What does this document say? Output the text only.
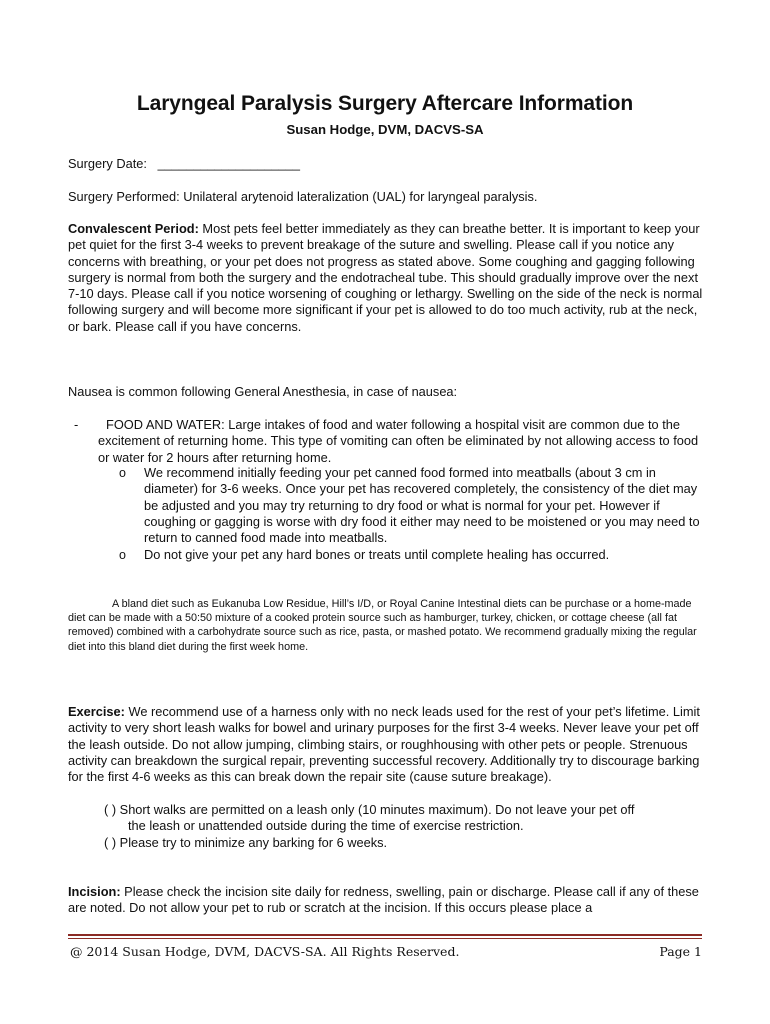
Laryngeal Paralysis Surgery Aftercare Information
Susan Hodge, DVM, DACVS-SA
Surgery Date: ____________________
Surgery Performed: Unilateral arytenoid lateralization (UAL) for laryngeal paralysis.
Convalescent Period: Most pets feel better immediately as they can breathe better. It is important to keep your pet quiet for the first 3-4 weeks to prevent breakage of the suture and swelling. Please call if you notice any concerns with breathing, or your pet does not progress as stated above. Some coughing and gagging following surgery is normal from both the surgery and the endotracheal tube. This should gradually improve over the next 7-10 days. Please call if you notice worsening of coughing or lethargy. Swelling on the side of the neck is normal following surgery and will become more significant if your pet is allowed to do too much activity, rub at the neck, or bark. Please call if you have concerns.
Nausea is common following General Anesthesia, in case of nausea:
-	FOOD AND WATER: Large intakes of food and water following a hospital visit are common due to the excitement of returning home. This type of vomiting can often be eliminated by not allowing access to food or water for 2 hours after returning home.
o We recommend initially feeding your pet canned food formed into meatballs (about 3 cm in diameter) for 3-6 weeks. Once your pet has recovered completely, the consistency of the diet may be adjusted and you may try returning to dry food or what is normal for your pet. However if coughing or gagging is worse with dry food it either may need to be moistened or you may need to return to canned food made into meatballs.
o Do not give your pet any hard bones or treats until complete healing has occurred.
A bland diet such as Eukanuba Low Residue, Hill’s I/D, or Royal Canine Intestinal diets can be purchase or a home-made diet can be made with a 50:50 mixture of a cooked protein source such as hamburger, turkey, chicken, or cottage cheese (all fat removed) combined with a carbohydrate source such as rice, pasta, or mashed potato. We recommend gradually mixing the regular diet into this bland diet during the first week home.
Exercise: We recommend use of a harness only with no neck leads used for the rest of your pet’s lifetime. Limit activity to very short leash walks for bowel and urinary purposes for the first 3-4 weeks. Never leave your pet off the leash outside. Do not allow jumping, climbing stairs, or roughhousing with other pets or people. Strenuous activity can breakdown the surgical repair, preventing successful recovery. Additionally try to discourage barking for the first 4-6 weeks as this can break down the repair site (cause suture breakage).
( ) Short walks are permitted on a leash only (10 minutes maximum). Do not leave your pet off
the leash or unattended outside during the time of exercise restriction.
( ) Please try to minimize any barking for 6 weeks.
Incision: Please check the incision site daily for redness, swelling, pain or discharge. Please call if any of these are noted. Do not allow your pet to rub or scratch at the incision. If this occurs please place a
@ 2014 Susan Hodge, DVM, DACVS-SA. All Rights Reserved.	Page 1
